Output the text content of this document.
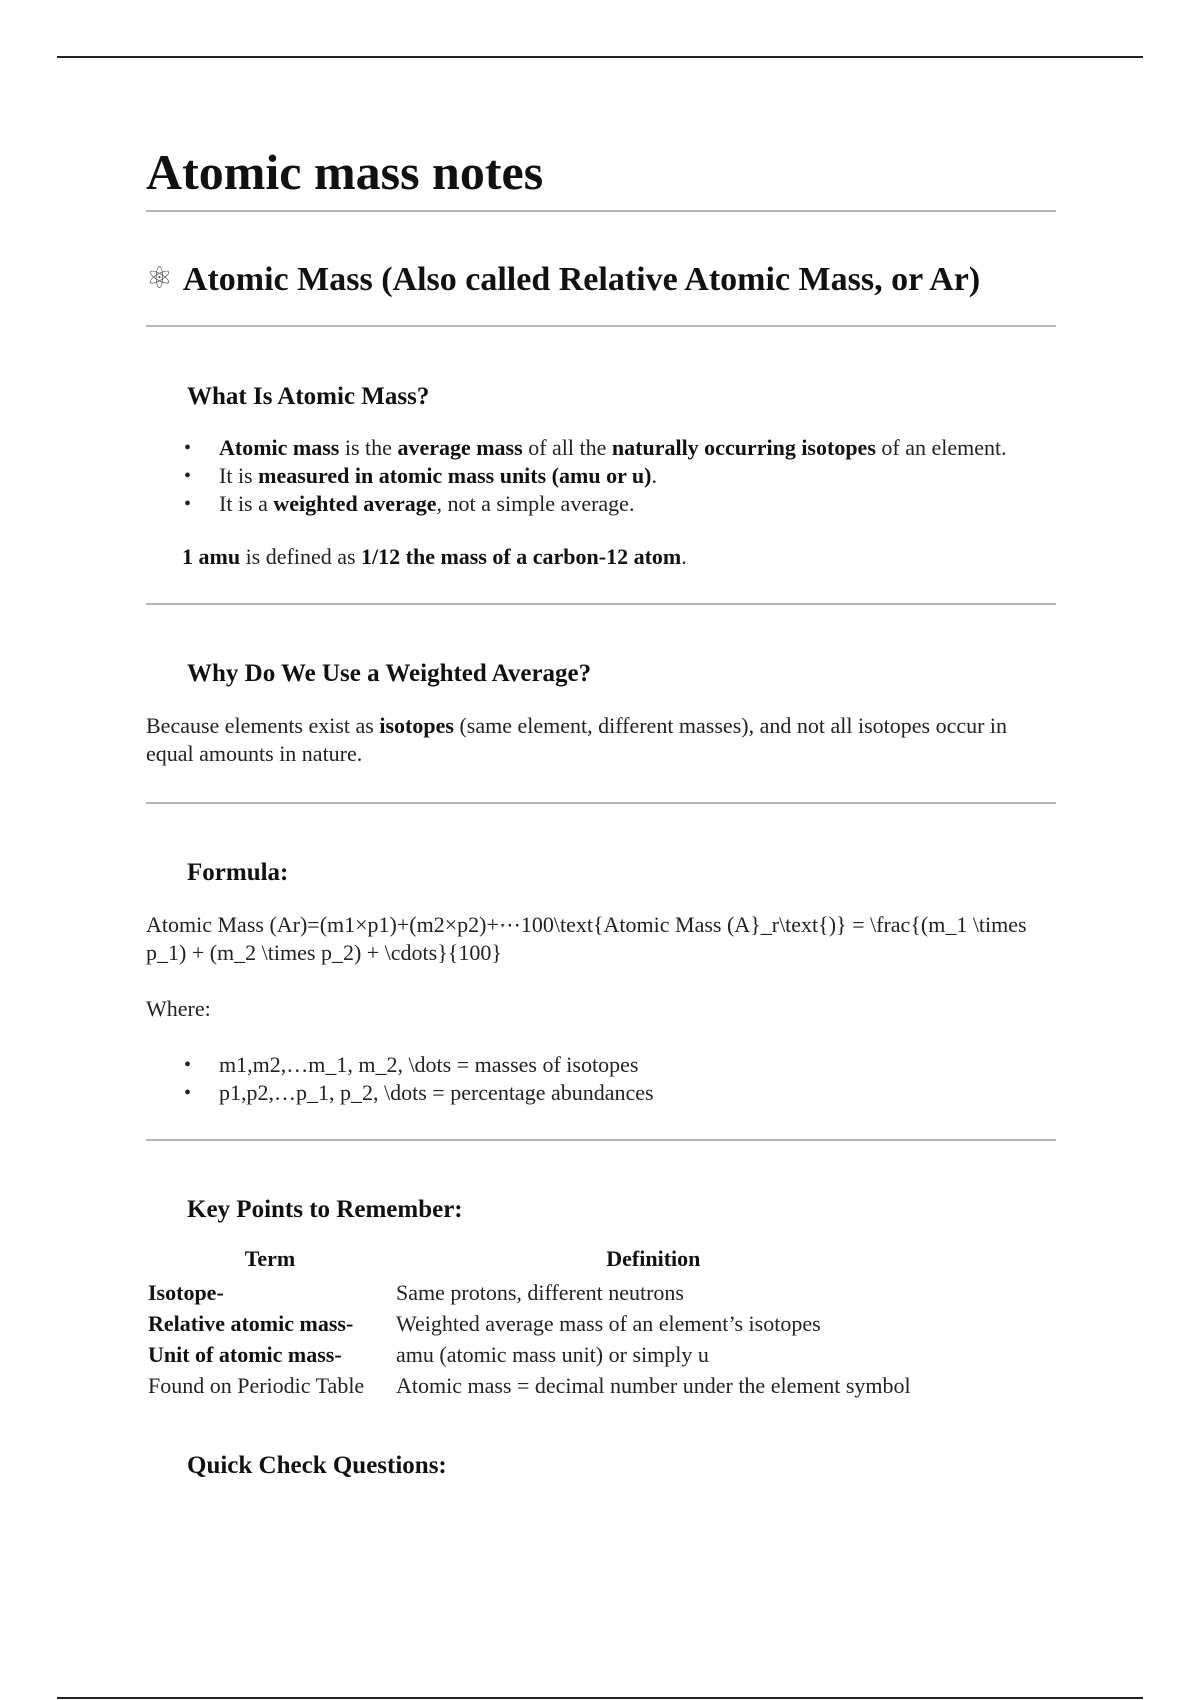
Atomic mass notes
⚛ Atomic Mass (Also called Relative Atomic Mass, or Ar)
What Is Atomic Mass?
• Atomic mass is the average mass of all the naturally occurring isotopes of an element.
• It is measured in atomic mass units (amu or u).
• It is a weighted average, not a simple average.

1 amu is defined as 1/12 the mass of a carbon-12 atom.

Why Do We Use a Weighted Average?

Because elements exist as isotopes (same element, different masses), and not all isotopes occur in equal amounts in nature.

Formula:

Atomic Mass (Ar)=(m1×p1)+(m2×p2)+⋯100\text{Atomic Mass (A}_r\text{)} = \frac{(m_1 \times p_1) + (m_2 \times p_2) + \cdots}{100}

Where:

• m1,m2,…m_1, m_2, \dots = masses of isotopes
• p1,p2,…p_1, p_2, \dots = percentage abundances
Key Points to Remember:
Term	Definition
Isotope-	Same protons, different neutrons
Relative atomic mass-	Weighted average mass of an element’s isotopes
Unit of atomic mass-	amu (atomic mass unit) or simply u
Found on Periodic Table	Atomic mass = decimal number under the element symbol
Quick Check Questions:
